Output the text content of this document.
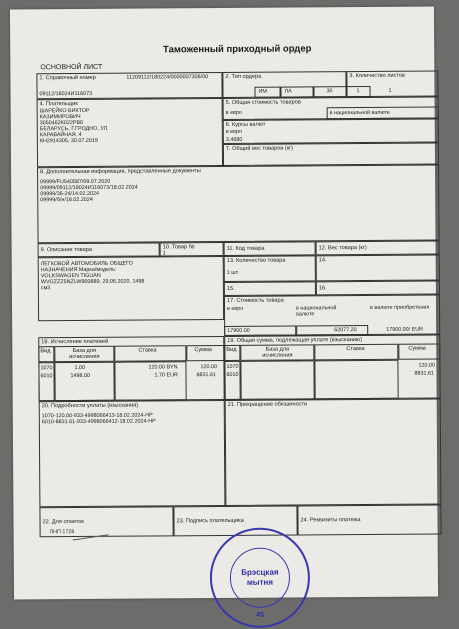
Таможенный приходный ордер
ОСНОВНОЙ ЛИСТ
1. Справочный номер	11209112/180224/0000007306/00
09112/18024И116073
2. Тип ордера
ИМ	ЛА	30
3. Количество листов
1	1
4. Плательщик
ШАРЕЙКО ВИКТОР
КАЗИМИРОВИЧ
3050462К022РВ0
БЕЛАРУСЬ, Г.ГРОДНО, УЛ.
КАРАВАЙНАЯ, 4
КН2914305, 30.07.2019
5. Общая стоимость товаров
в евро	в национальной валюте
6. Курсы валют
в евро
3.4680
7. Общий вес товаров (кг)
8. Дополнительная информация, представленные документы
09999/FU540587/09.07.2020
09999/09112/18024И116073/18.02.2024
09999/36-24/14.02.2024
09999/б/н/18.02.2024
9. Описание товара	10. Товар №
1
11. Код товара	12. Вес товара (кг)
ЛЕГКОВОЙ АВТОМОБИЛЬ ОБЩЕГО
НАЗНАЧЕНИЯ Марка/модель:
VOLKSWAGEN TIGUAN
WVGZZZ5NZLW900889, 29.06.2020, 1498
см3
13. Количество товара
1 шт.
14.
15.	16.
17. Стоимость товара
в евро	в национальной валюте
в валюте приобретения
17900.00	62077.20	17900.00/ EUR
18. Исчисление платежей
Вид	База для исчисления
Ставка	Сумма
1070	1.00	120.00 BYN	120.00
6010	1498.00	1.70 EUR	8831.61
19. Общая сумма, подлежащая уплате (взысканию)
Вид	База для исчисления
Ставка	Сумма
1070	120.00
6010	8831.61
20. Подробности уплаты (взыскания)
1070-120.00-933-4998066413-18.02.2024-НР
6010-8831.61-933-4998066412-18.02.2024-НР
21. Прекращение обязанности
22. Для отметок
ЛНП 1728
23. Подпись плательщика	24. Реквизиты платежа
Брэсцкая
мытня
45
